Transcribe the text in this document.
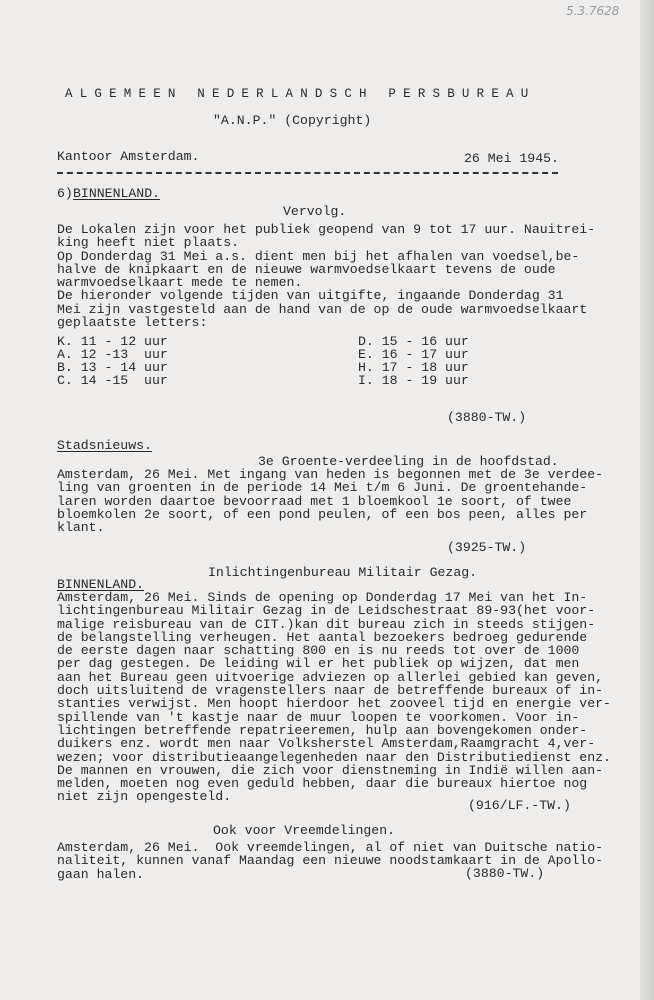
5.3.7628
ALGEMEEN NEDERLANDSCH PERSBUREAU
"A.N.P." (Copyright)
Kantoor Amsterdam.	26 Mei 1945.
6) BINNENLAND.
Vervolg.
De Lokalen zijn voor het publiek geopend van 9 tot 17 uur. Nauitrei-
king heeft niet plaats.
Op Donderdag 31 Mei a.s. dient men bij het afhalen van voedsel,be-
halve de knipkaart en de nieuwe warmvoedselkaart tevens de oude
warmvoedselkaart mede te nemen.
De hieronder volgende tijden van uitgifte, ingaande Donderdag 31
Mei zijn vastgesteld aan de hand van de op de oude warmvoedselkaart
geplaatste letters:
K. 11 - 12 uur
A. 12 -13  uur
B. 13 - 14 uur
C. 14 -15  uur
D. 15 - 16 uur
E. 16 - 17 uur
H. 17 - 18 uur
I. 18 - 19 uur
(3880-TW.)
Stadsnieuws.
3e Groente-verdeeling in de hoofdstad.
Amsterdam, 26 Mei. Met ingang van heden is begonnen met de 3e verdee-
ling van groenten in de periode 14 Mei t/m 6 Juni. De groentehande-
laren worden daartoe bevoorraad met 1 bloemkool 1e soort, of twee
bloemkolen 2e soort, of een pond peulen, of een bos peen, alles per
klant.
(3925-TW.)
Inlichtingenbureau Militair Gezag.
BINNENLAND.
Amsterdam, 26 Mei. Sinds de opening op Donderdag 17 Mei van het In-
lichtingenbureau Militair Gezag in de Leidschestraat 89-93(het voor-
malige reisbureau van de CIT.)kan dit bureau zich in steeds stijgen-
de belangstelling verheugen. Het aantal bezoekers bedroeg gedurende
de eerste dagen naar schatting 800 en is nu reeds tot over de 1000
per dag gestegen. De leiding wil er het publiek op wijzen, dat men
aan het Bureau geen uitvoerige adviezen op allerlei gebied kan geven,
doch uitsluitend de vragenstellers naar de betreffende bureaux of in-
stanties verwijst. Men hoopt hierdoor het zooveel tijd en energie ver-
spillende van 't kastje naar de muur loopen te voorkomen. Voor in-
lichtingen betreffende repatrieeremen, hulp aan bovengekomen onder-
duikers enz. wordt men naar Volksherstel Amsterdam,Raamgracht 4,ver-
wezen; voor distributieaangelegenheden naar den Distributiedienst enz.
De mannen en vrouwen, die zich voor dienstneming in Indië willen aan-
melden, moeten nog even geduld hebben, daar die bureaux hiertoe nog
niet zijn opengesteld.
(916/LF.-TW.)
Ook voor Vreemdelingen.
Amsterdam, 26 Mei.  Ook vreemdelingen, al of niet van Duitsche natio-
naliteit, kunnen vanaf Maandag een nieuwe noodstamkaart in de Apollo-
gaan halen.	(3880-TW.)
